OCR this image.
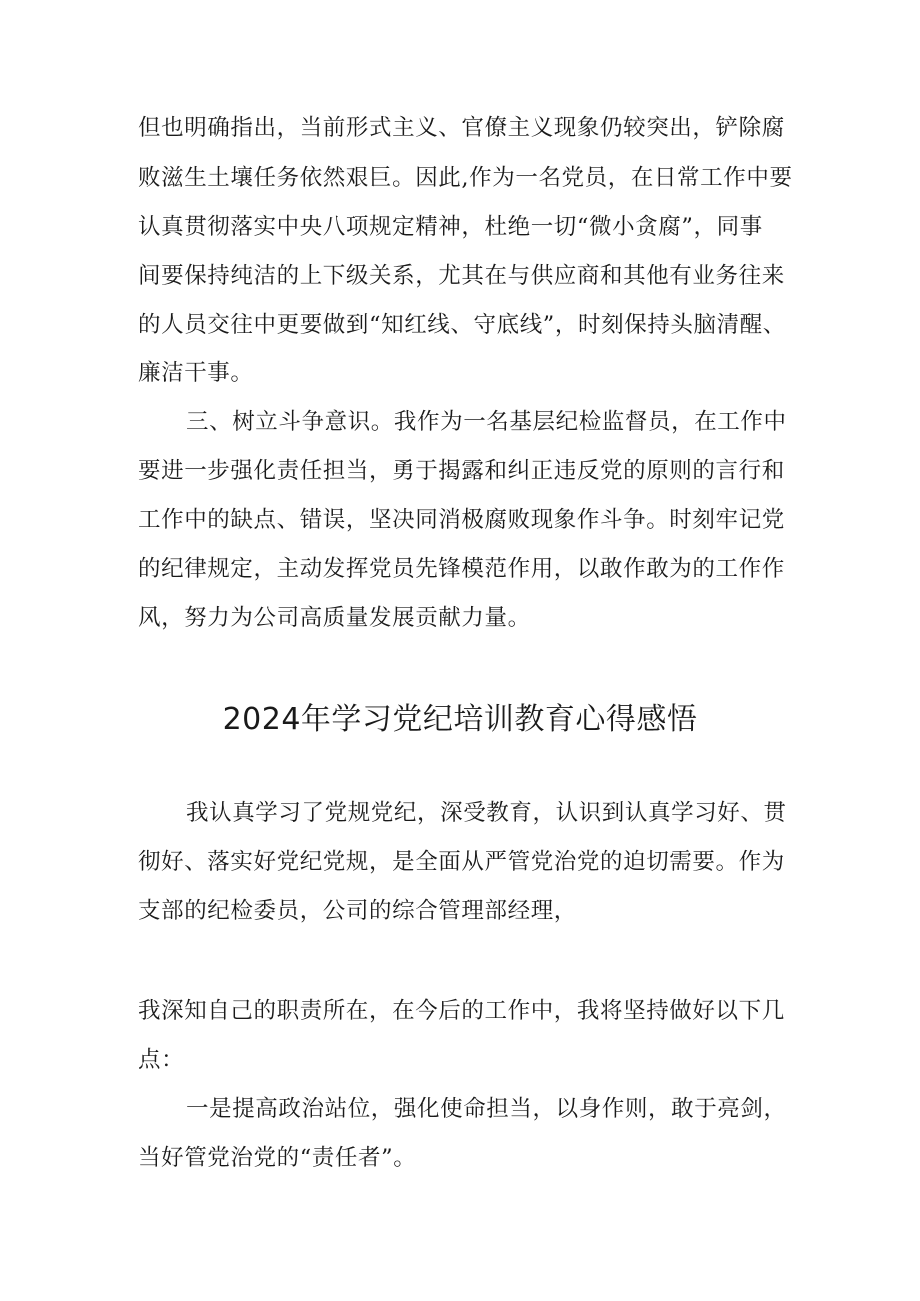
但也明确指出，当前形式主义、官僚主义现象仍较突出，铲除腐
败滋生土壤任务依然艰巨。因此,作为一名党员，在日常工作中要
认真贯彻落实中央八项规定精神，杜绝一切“微小贪腐”，同事
间要保持纯洁的上下级关系，尤其在与供应商和其他有业务往来
的人员交往中更要做到“知红线、守底线”，时刻保持头脑清醒、
廉洁干事。
三、树立斗争意识。我作为一名基层纪检监督员，在工作中
要进一步强化责任担当，勇于揭露和纠正违反党的原则的言行和
工作中的缺点、错误，坚决同消极腐败现象作斗争。时刻牢记党
的纪律规定，主动发挥党员先锋模范作用，以敢作敢为的工作作
风，努力为公司高质量发展贡献力量。
2024年学习党纪培训教育心得感悟
我认真学习了党规党纪，深受教育，认识到认真学习好、贯
彻好、落实好党纪党规，是全面从严管党治党的迫切需要。作为
支部的纪检委员，公司的综合管理部经理，
我深知自己的职责所在，在今后的工作中，我将坚持做好以下几
点：
一是提高政治站位，强化使命担当，以身作则，敢于亮剑，
当好管党治党的“责任者”。
